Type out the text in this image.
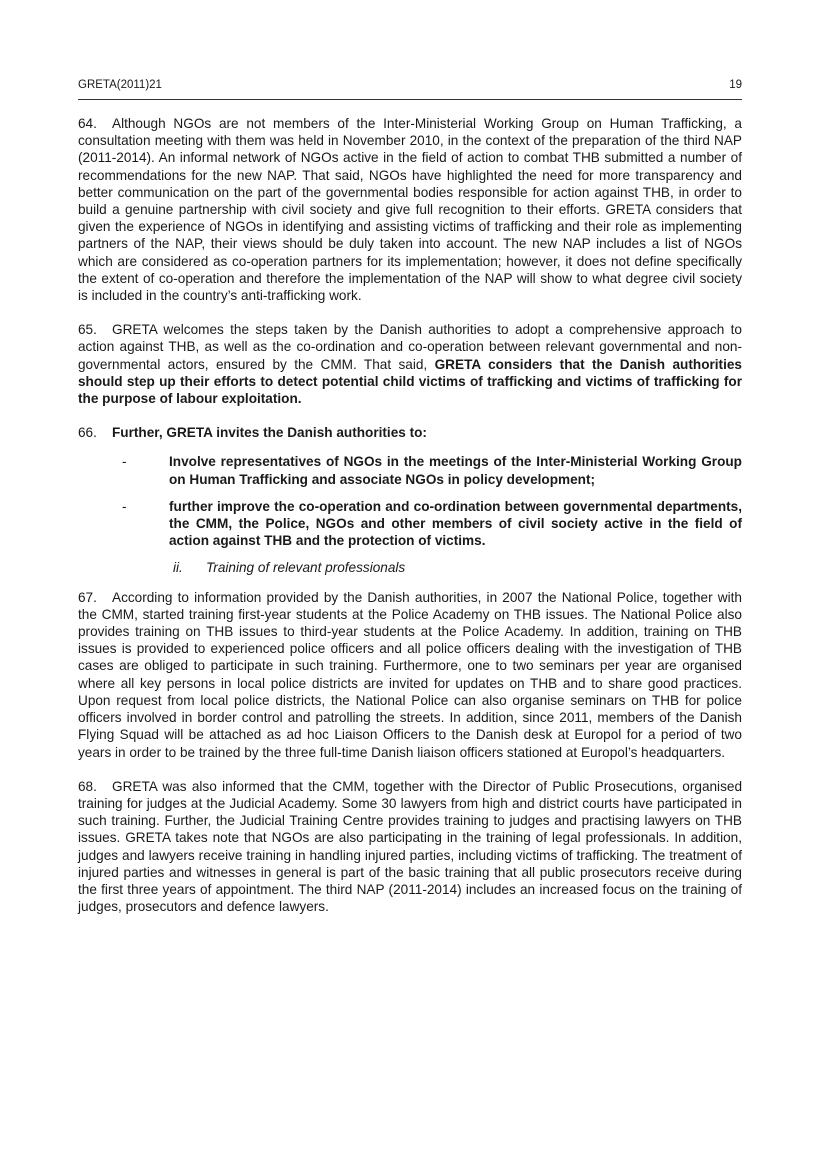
GRETA(2011)21	19

64. Although NGOs are not members of the Inter-Ministerial Working Group on Human Trafficking, a consultation meeting with them was held in November 2010, in the context of the preparation of the third NAP (2011-2014). An informal network of NGOs active in the field of action to combat THB submitted a number of recommendations for the new NAP. That said, NGOs have highlighted the need for more transparency and better communication on the part of the governmental bodies responsible for action against THB, in order to build a genuine partnership with civil society and give full recognition to their efforts. GRETA considers that given the experience of NGOs in identifying and assisting victims of trafficking and their role as implementing partners of the NAP, their views should be duly taken into account. The new NAP includes a list of NGOs which are considered as co-operation partners for its implementation; however, it does not define specifically the extent of co-operation and therefore the implementation of the NAP will show to what degree civil society is included in the country’s anti-trafficking work.

65. GRETA welcomes the steps taken by the Danish authorities to adopt a comprehensive approach to action against THB, as well as the co-ordination and co-operation between relevant governmental and non-governmental actors, ensured by the CMM. That said, GRETA considers that the Danish authorities should step up their efforts to detect potential child victims of trafficking and victims of trafficking for the purpose of labour exploitation.

66. Further, GRETA invites the Danish authorities to:

-	Involve representatives of NGOs in the meetings of the Inter-Ministerial Working Group on Human Trafficking and associate NGOs in policy development;
-	further improve the co-operation and co-ordination between governmental departments, the CMM, the Police, NGOs and other members of civil society active in the field of action against THB and the protection of victims.
ii.	Training of relevant professionals

67. According to information provided by the Danish authorities, in 2007 the National Police, together with the CMM, started training first-year students at the Police Academy on THB issues. The National Police also provides training on THB issues to third-year students at the Police Academy. In addition, training on THB issues is provided to experienced police officers and all police officers dealing with the investigation of THB cases are obliged to participate in such training. Furthermore, one to two seminars per year are organised where all key persons in local police districts are invited for updates on THB and to share good practices. Upon request from local police districts, the National Police can also organise seminars on THB for police officers involved in border control and patrolling the streets. In addition, since 2011, members of the Danish Flying Squad will be attached as ad hoc Liaison Officers to the Danish desk at Europol for a period of two years in order to be trained by the three full-time Danish liaison officers stationed at Europol’s headquarters.

68. GRETA was also informed that the CMM, together with the Director of Public Prosecutions, organised training for judges at the Judicial Academy. Some 30 lawyers from high and district courts have participated in such training. Further, the Judicial Training Centre provides training to judges and practising lawyers on THB issues. GRETA takes note that NGOs are also participating in the training of legal professionals. In addition, judges and lawyers receive training in handling injured parties, including victims of trafficking. The treatment of injured parties and witnesses in general is part of the basic training that all public prosecutors receive during the first three years of appointment. The third NAP (2011-2014) includes an increased focus on the training of judges, prosecutors and defence lawyers.
